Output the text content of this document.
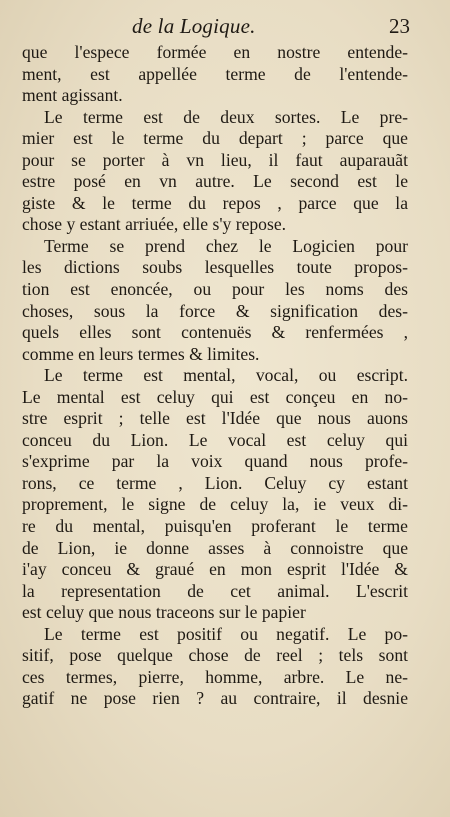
de la Logique.	23
que l'espece formée en nostre entende-
ment, est appellée terme de l'entende-
ment agissant.
Le terme est de deux sortes. Le pre-
mier est le terme du depart ; parce que
pour se porter à vn lieu, il faut auparauãt
estre posé en vn autre. Le second est le
giste & le terme du repos , parce que la
chose y estant arriuée, elle s'y repose.
Terme se prend chez le Logicien pour
les dictions soubs lesquelles toute propos-
tion est enoncée, ou pour les noms des
choses, sous la force & signification des-
quels elles sont contenuës & renfermées ,
comme en leurs termes & limites.
Le terme est mental, vocal, ou escript.
Le mental est celuy qui est conçeu en no-
stre esprit ; telle est l'Idée que nous auons
conceu du Lion. Le vocal est celuy qui
s'exprime par la voix quand nous profe-
rons, ce terme , Lion. Celuy cy estant
proprement, le signe de celuy la, ie veux di-
re du mental, puisqu'en proferant le terme
de Lion, ie donne asses à connoistre que
i'ay conceu & graué en mon esprit l'Idée &
la representation de cet animal. L'escrit
est celuy que nous traceons sur le papier
Le terme est positif ou negatif. Le po-
sitif, pose quelque chose de reel ; tels sont
ces termes, pierre, homme, arbre. Le ne-
gatif ne pose rien ? au contraire, il desnie
